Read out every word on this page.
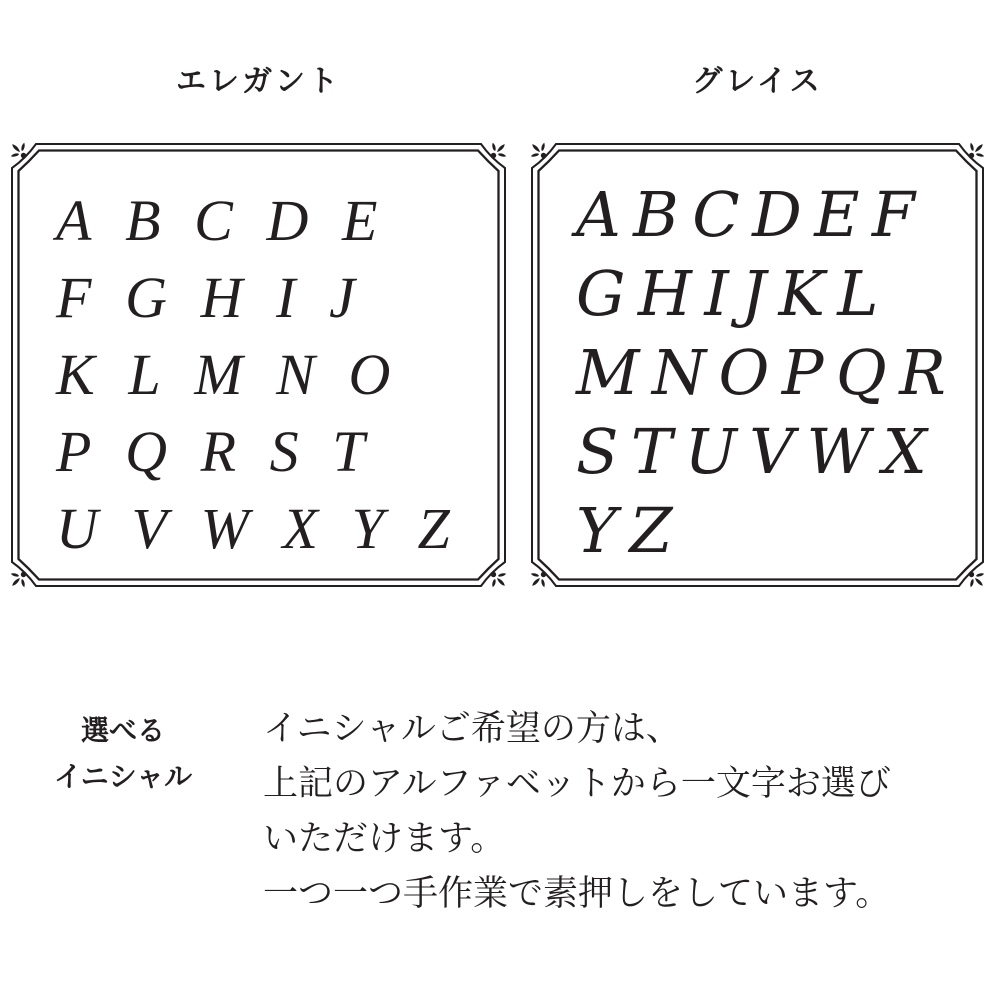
エレガント	グレイス
ABCDE
FGHIJ
KLMNO
PQRST
UVWXYZ
ABCDEF
GHIJKL
MNOPQR
STUVWX
YZ
選べる
イニシャル
イニシャルご希望の方は、
上記のアルファベットから一文字お選び
いただけます。
一つ一つ手作業で素押しをしています。
